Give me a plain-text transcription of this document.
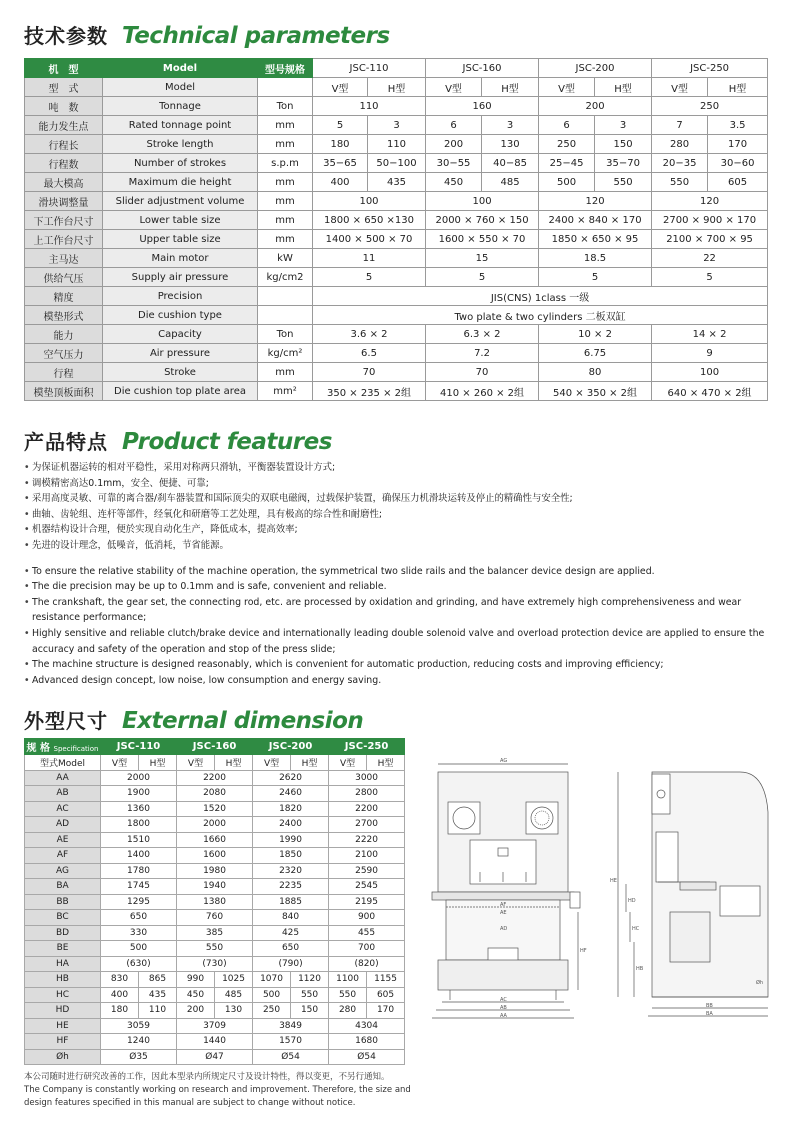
技术参数 Technical parameters
机　型	Model	型号规格	JSC-110		JSC-160		JSC-200		JSC-250	
型　式	Model		V型	H型	V型	H型	V型	H型	V型	H型
吨　数	Tonnage	Ton	110		160		200		250	
能力发生点	Rated tonnage point	mm	5	3	6	3	6	3	7	3.5
行程长	Stroke length	mm	180	110	200	130	250	150	280	170
行程数	Number of strokes	s.p.m	35−65	50−100	30−55	40−85	25−45	35−70	20−35	30−60
最大模高	Maximum die height	mm	400	435	450	485	500	550	550	605
滑块调整量	Slider adjustment volume	mm	100		100		120		120	
下工作台尺寸	Lower table size	mm	1800 × 650 ×130		2000 × 760 × 150		2400 × 840 × 170		2700 × 900 × 170	
上工作台尺寸	Upper table size	mm	1400 × 500 × 70		1600 × 550 × 70		1850 × 650 × 95		2100 × 700 × 95	
主马达	Main motor	kW	11		15		18.5		22	
供给气压	Supply air pressure	kg/cm2	5		5		5		5	
精度	Precision		JIS(CNS) 1class 一级							
模垫形式	Die cushion type		Two plate & two cylinders 二板双缸							
能力	Capacity	Ton	3.6 × 2		6.3 × 2		10 × 2		14 × 2	
空气压力	Air pressure	kg/cm²	6.5		7.2		6.75		9	
行程	Stroke	mm	70		70		80		100	
模垫顶板面积	Die cushion top plate area	mm²	350 × 235 × 2组		410 × 260 × 2组		540 × 350 × 2组		640 × 470 × 2组	
产品特点 Product features
• 为保证机器运转的相对平稳性，采用对称两只滑轨，平衡器装置设计方式;
• 调模精密高达0.1mm，安全、便捷、可靠;
• 采用高度灵敏、可靠的离合器/刹车器装置和国际顶尖的双联电磁阀，过载保护装置，确保压力机滑块运转及停止的精确性与安全性;
• 曲轴、齿轮组、连杆等部件，经氧化和研磨等工艺处理，具有极高的综合性和耐磨性;
• 机器结构设计合理，便於实现自动化生产，降低成本，提高效率;
• 先进的设计理念，低噪音，低消耗，节省能源。
• To ensure the relative stability of the machine operation, the symmetrical two slide rails and the balancer device design are applied.
• The die precision may be up to 0.1mm and is safe, convenient and reliable.
• The crankshaft, the gear set, the connecting rod, etc. are processed by oxidation and grinding, and have extremely high comprehensiveness and wear resistance performance;
• Highly sensitive and reliable clutch/brake device and internationally leading double solenoid valve and overload protection device are applied to ensure the accuracy and safety of the operation and stop of the press slide;
• The machine structure is designed reasonably, which is convenient for automatic production, reducing costs and improving efficiency;
• Advanced design concept, low noise, low consumption and energy saving.
外型尺寸 External dimension
规 格 Specification	JSC-110		JSC-160		JSC-200		JSC-250	
型式Model	V型	H型	V型	H型	V型	H型	V型	H型
AA	2000		2200		2620		3000	
AB	1900		2080		2460		2800	
AC	1360		1520		1820		2200	
AD	1800		2000		2400		2700	
AE	1510		1660		1990		2220	
AF	1400		1600		1850		2100	
AG	1780		1980		2320		2590	
BA	1745		1940		2235		2545	
BB	1295		1380		1885		2195	
BC	650		760		840		900	
BD	330		385		425		455	
BE	500		550		650		700	
HA	(630)		(730)		(790)		(820)	
HB	830	865	990	1025	1070	1120	1100	1155
HC	400	435	450	485	500	550	550	605
HD	180	110	200	130	250	150	280	170
HE	3059		3709		3849		4304	
HF	1240		1440		1570		1680	
Øh	Ø35		Ø47		Ø54		Ø54	
AG
AF
AE
AD
AC
AB
AA
HF
HE
HD
HC
HB
Øh
BB
BA
本公司随时进行研究改善的工作，因此本型录内所规定尺寸及设计特性，得以变更，不另行通知。
The Company is constantly working on research and improvement. Therefore, the size and
design features specified in this manual are subject to change without notice.
